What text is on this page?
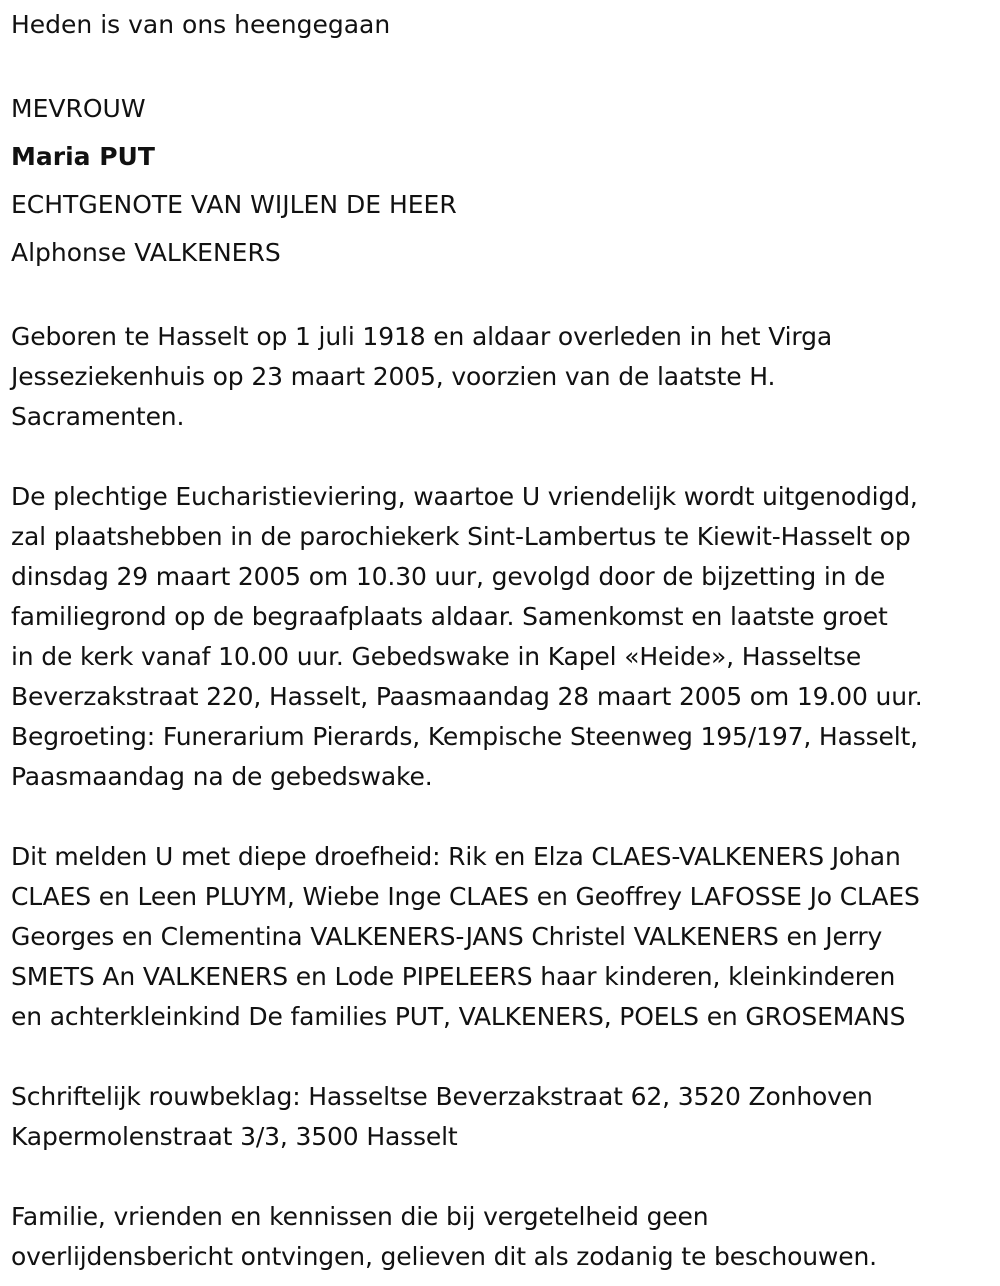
Heden is van ons heengegaan

MEVROUW

Maria PUT

ECHTGENOTE VAN WIJLEN DE HEER

Alphonse VALKENERS

Geboren te Hasselt op 1 juli 1918 en aldaar overleden in het Virga

Jesseziekenhuis op 23 maart 2005, voorzien van de laatste H.

Sacramenten.

De plechtige Eucharistieviering, waartoe U vriendelijk wordt uitgenodigd,

zal plaatshebben in de parochiekerk Sint-Lambertus te Kiewit-Hasselt op

dinsdag 29 maart 2005 om 10.30 uur, gevolgd door de bijzetting in de

familiegrond op de begraafplaats aldaar. Samenkomst en laatste groet

in de kerk vanaf 10.00 uur. Gebedswake in Kapel «Heide», Hasseltse

Beverzakstraat 220, Hasselt, Paasmaandag 28 maart 2005 om 19.00 uur.

Begroeting: Funerarium Pierards, Kempische Steenweg 195/197, Hasselt,

Paasmaandag na de gebedswake.

Dit melden U met diepe droefheid: Rik en Elza CLAES-VALKENERS Johan

CLAES en Leen PLUYM, Wiebe Inge CLAES en Geoffrey LAFOSSE Jo CLAES

Georges en Clementina VALKENERS-JANS Christel VALKENERS en Jerry

SMETS An VALKENERS en Lode PIPELEERS haar kinderen, kleinkinderen

en achterkleinkind De families PUT, VALKENERS, POELS en GROSEMANS

Schriftelijk rouwbeklag: Hasseltse Beverzakstraat 62, 3520 Zonhoven

Kapermolenstraat 3/3, 3500 Hasselt

Familie, vrienden en kennissen die bij vergetelheid geen

overlijdensbericht ontvingen, gelieven dit als zodanig te beschouwen.
